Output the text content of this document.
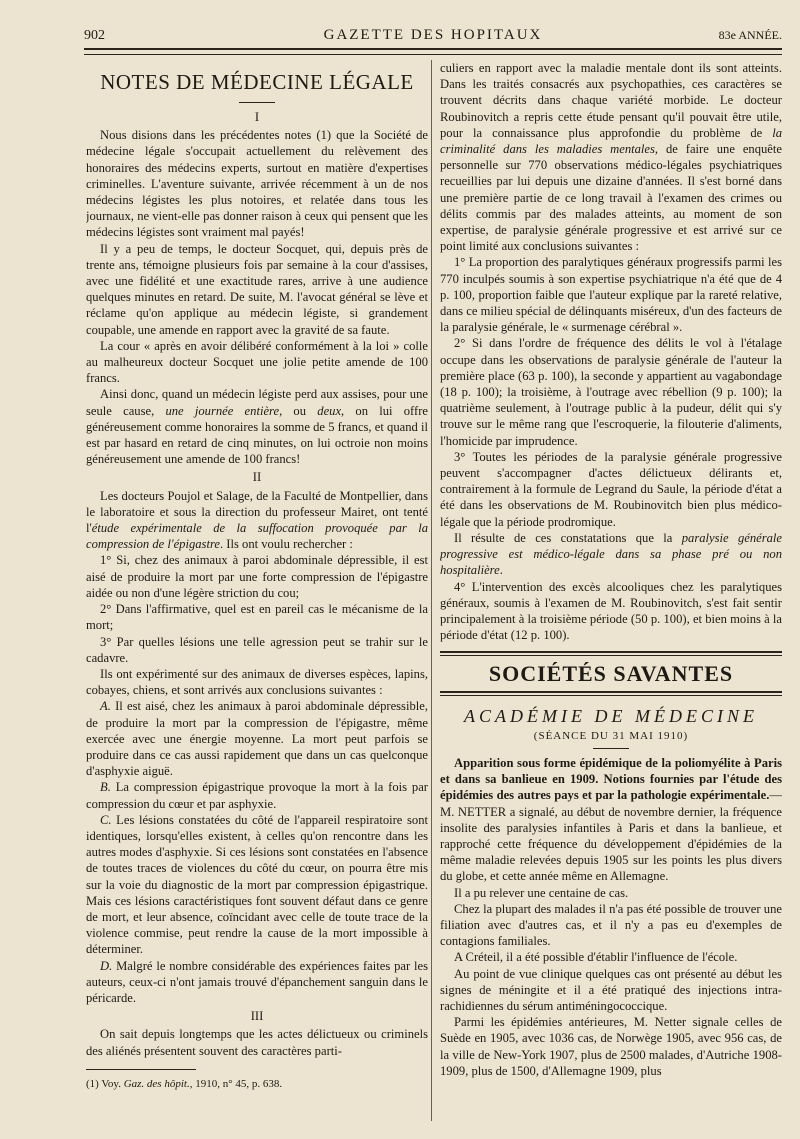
902	GAZETTE DES HOPITAUX	83e ANNÉE.
NOTES DE MÉDECINE LÉGALE
I

Nous disions dans les précédentes notes (1) que la Société de médecine légale s'occupait actuellement du relèvement des honoraires des médecins experts, surtout en matière d'expertises criminelles. L'aventure suivante, arrivée récemment à un de nos médecins légistes les plus notoires, et relatée dans tous les journaux, ne vient-elle pas donner raison à ceux qui pensent que les médecins légistes sont vraiment mal payés!

Il y a peu de temps, le docteur Socquet, qui, depuis près de trente ans, témoigne plusieurs fois par semaine à la cour d'assises, avec une fidélité et une exactitude rares, arrive à une audience quelques minutes en retard. De suite, M. l'avocat général se lève et réclame qu'on applique au médecin légiste, si grandement coupable, une amende en rapport avec la gravité de sa faute.

La cour « après en avoir délibéré conformément à la loi » colle au malheureux docteur Socquet une jolie petite amende de 100 francs.

Ainsi donc, quand un médecin légiste perd aux assises, pour une seule cause, une journée entière, ou deux, on lui offre généreusement comme honoraires la somme de 5 francs, et quand il est par hasard en retard de cinq minutes, on lui octroie non moins généreusement une amende de 100 francs!

II

Les docteurs Poujol et Salage, de la Faculté de Montpellier, dans le laboratoire et sous la direction du professeur Mairet, ont tenté l'étude expérimentale de la suffocation provoquée par la compression de l'épigastre. Ils ont voulu rechercher :

1° Si, chez des animaux à paroi abdominale dépressible, il est aisé de produire la mort par une forte compression de l'épigastre aidée ou non d'une légère striction du cou;

2° Dans l'affirmative, quel est en pareil cas le mécanisme de la mort;

3° Par quelles lésions une telle agression peut se trahir sur le cadavre.

Ils ont expérimenté sur des animaux de diverses espèces, lapins, cobayes, chiens, et sont arrivés aux conclusions suivantes :

A. Il est aisé, chez les animaux à paroi abdominale dépressible, de produire la mort par la compression de l'épigastre, même exercée avec une énergie moyenne. La mort peut parfois se produire dans ce cas aussi rapidement que dans un cas quelconque d'asphyxie aiguë.

B. La compression épigastrique provoque la mort à la fois par compression du cœur et par asphyxie.

C. Les lésions constatées du côté de l'appareil respiratoire sont identiques, lorsqu'elles existent, à celles qu'on rencontre dans les autres modes d'asphyxie. Si ces lésions sont constatées en l'absence de toutes traces de violences du côté du cœur, on pourra être mis sur la voie du diagnostic de la mort par compression épigastrique. Mais ces lésions caractéristiques font souvent défaut dans ce genre de mort, et leur absence, coïncidant avec celle de toute trace de la violence commise, peut rendre la cause de la mort impossible à déterminer.

D. Malgré le nombre considérable des expériences faites par les auteurs, ceux-ci n'ont jamais trouvé d'épanchement sanguin dans le péricarde.

III

On sait depuis longtemps que les actes délictueux ou criminels des aliénés présentent souvent des caractères parti-

(1) Voy. Gaz. des hôpit., 1910, n° 45, p. 638.

culiers en rapport avec la maladie mentale dont ils sont atteints. Dans les traités consacrés aux psychopathies, ces caractères se trouvent décrits dans chaque variété morbide. Le docteur Roubinovitch a repris cette étude pensant qu'il pouvait être utile, pour la connaissance plus approfondie du problème de la criminalité dans les maladies mentales, de faire une enquête personnelle sur 770 observations médico-légales psychiatriques recueillies par lui depuis une dizaine d'années. Il s'est borné dans une première partie de ce long travail à l'examen des crimes ou délits commis par des malades atteints, au moment de son expertise, de paralysie générale progressive et est arrivé sur ce point limité aux conclusions suivantes :

1° La proportion des paralytiques généraux progressifs parmi les 770 inculpés soumis à son expertise psychiatrique n'a été que de 4 p. 100, proportion faible que l'auteur explique par la rareté relative, dans ce milieu spécial de délinquants miséreux, d'un des facteurs de la paralysie générale, le « surmenage cérébral ».

2° Si dans l'ordre de fréquence des délits le vol à l'étalage occupe dans les observations de paralysie générale de l'auteur la première place (63 p. 100), la seconde y appartient au vagabondage (18 p. 100); la troisième, à l'outrage avec rébellion (9 p. 100); la quatrième seulement, à l'outrage public à la pudeur, délit qui s'y trouve sur le même rang que l'escroquerie, la filouterie d'aliments, l'homicide par imprudence.

3° Toutes les périodes de la paralysie générale progressive peuvent s'accompagner d'actes délictueux délirants et, contrairement à la formule de Legrand du Saule, la période d'état a été dans les observations de M. Roubinovitch bien plus médico-légale que la période prodromique.

Il résulte de ces constatations que la paralysie générale progressive est médico-légale dans sa phase pré ou non hospitalière.

4° L'intervention des excès alcooliques chez les paralytiques généraux, soumis à l'examen de M. Roubinovitch, s'est fait sentir principalement à la troisième période (50 p. 100), et bien moins à la période d'état (12 p. 100).

SOCIÉTÉS SAVANTES
ACADÉMIE DE MÉDECINE
(SÉANCE DU 31 MAI 1910)

Apparition sous forme épidémique de la poliomyélite à Paris et dans sa banlieue en 1909. Notions fournies par l'étude des épidémies des autres pays et par la pathologie expérimentale.— M. NETTER a signalé, au début de novembre dernier, la fréquence insolite des paralysies infantiles à Paris et dans la banlieue, et rapproché cette fréquence du développement d'épidémies de la même maladie relevées depuis 1905 sur les points les plus divers du globe, et cette année même en Allemagne.

Il a pu relever une centaine de cas.

Chez la plupart des malades il n'a pas été possible de trouver une filiation avec d'autres cas, et il n'y a pas eu d'exemples de contagions familiales.

A Créteil, il a été possible d'établir l'influence de l'école.

Au point de vue clinique quelques cas ont présenté au début les signes de méningite et il a été pratiqué des injections intra-rachidiennes du sérum antiméningococcique.

Parmi les épidémies antérieures, M. Netter signale celles de Suède en 1905, avec 1036 cas, de Norwège 1905, avec 956 cas, de la ville de New-York 1907, plus de 2500 malades, d'Autriche 1908-1909, plus de 1500, d'Allemagne 1909, plus
